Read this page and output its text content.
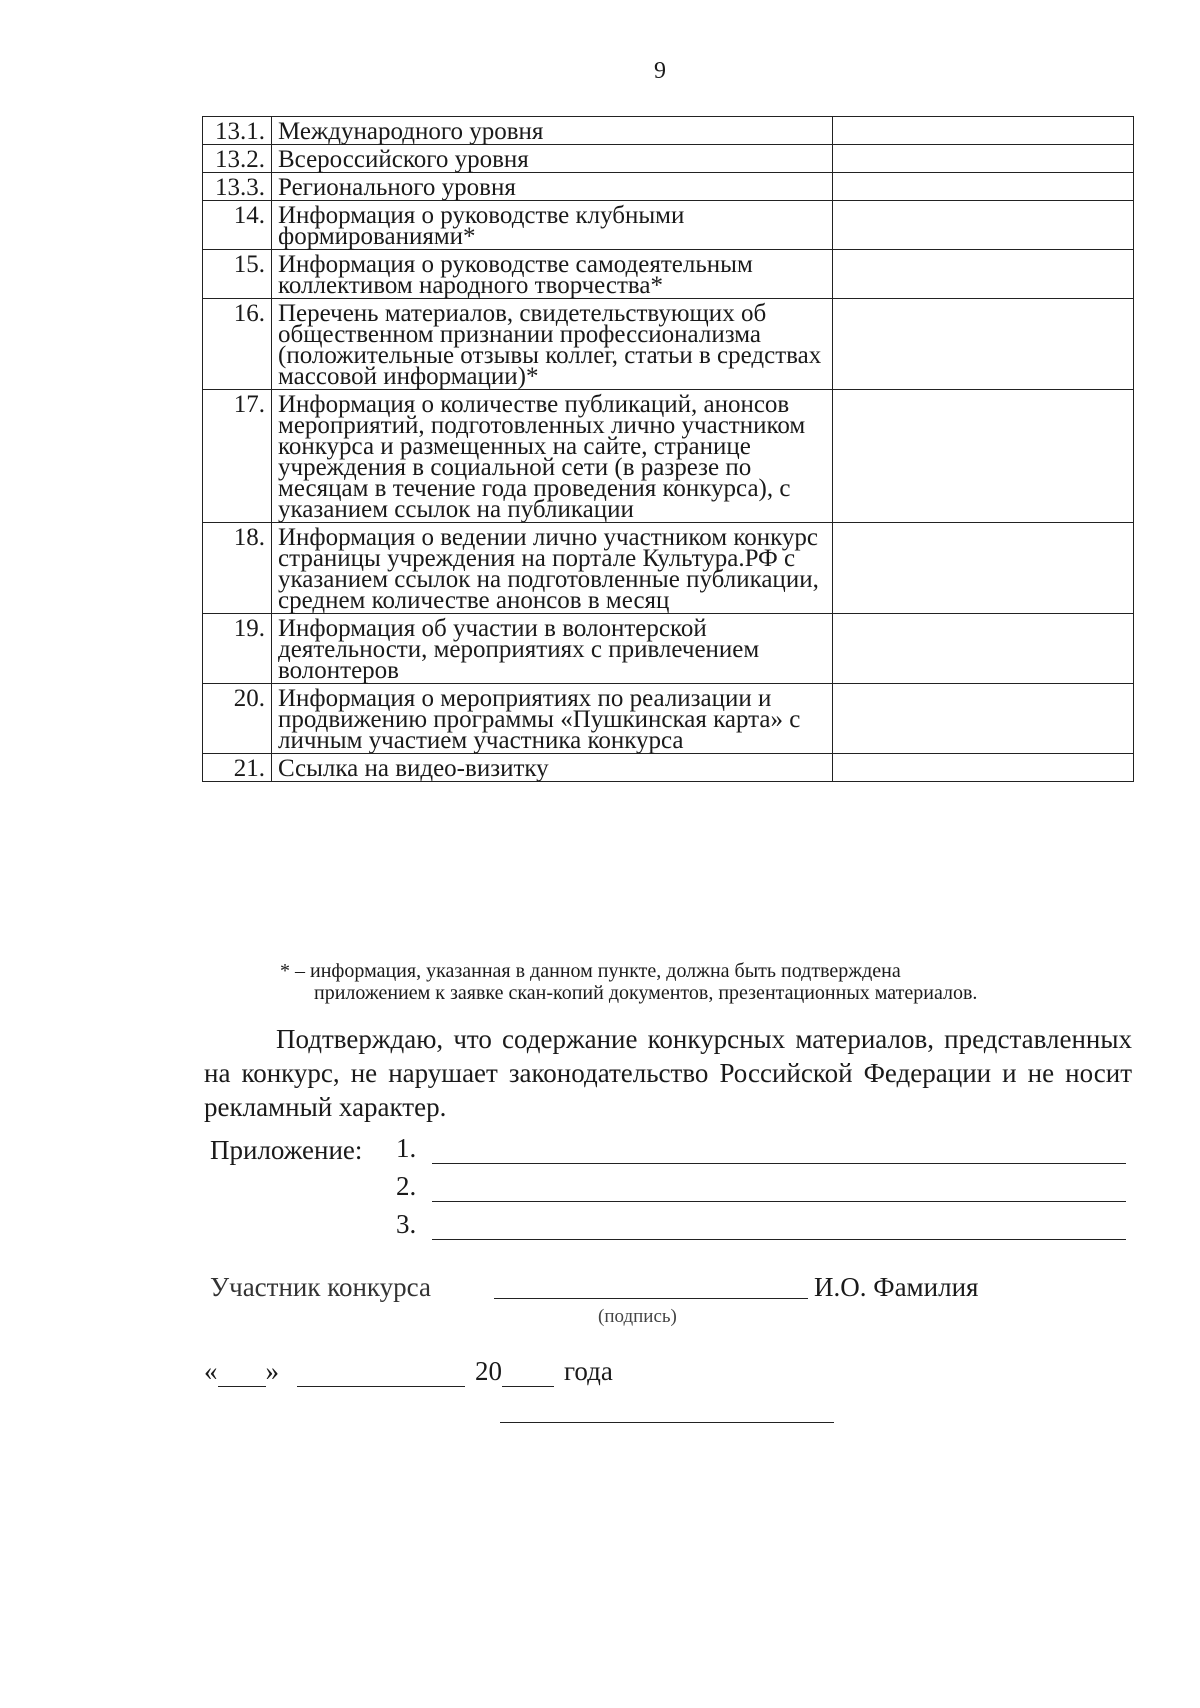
9
13.1.	Международного уровня	
13.2.	Всероссийского уровня	
13.3.	Регионального уровня	
14.	Информация о руководстве клубными формированиями*	
15.	Информация о руководстве самодеятельным коллективом народного творчества*	
16.	Перечень материалов, свидетельствующих об общественном признании профессионализма (положительные отзывы коллег, статьи в средствах массовой информации)*	
17.	Информация о количестве публикаций, анонсов мероприятий, подготовленных лично участником конкурса и размещенных на сайте, странице учреждения в социальной сети (в разрезе по месяцам в течение года проведения конкурса), с указанием ссылок на публикации	
18.	Информация о ведении лично участником конкурс страницы учреждения на портале Культура.РФ с указанием ссылок на подготовленные публикации, среднем количестве анонсов в месяц	
19.	Информация об участии в волонтерской деятельности, мероприятиях с привлечением волонтеров	
20.	Информация о мероприятиях по реализации и продвижению программы «Пушкинская карта» с личным участием участника конкурса	
21.	Ссылка на видео-визитку	
* – информация, указанная в данном пункте, должна быть подтверждена
приложением к заявке скан-копий документов, презентационных материалов.
Подтверждаю, что содержание конкурсных материалов, представленных на конкурс, не нарушает законодательство Российской Федерации и не носит рекламный характер.
Приложение: 1.
2.
3.
Участник конкурса
(подпись)
И.О. Фамилия
« »	20 года
